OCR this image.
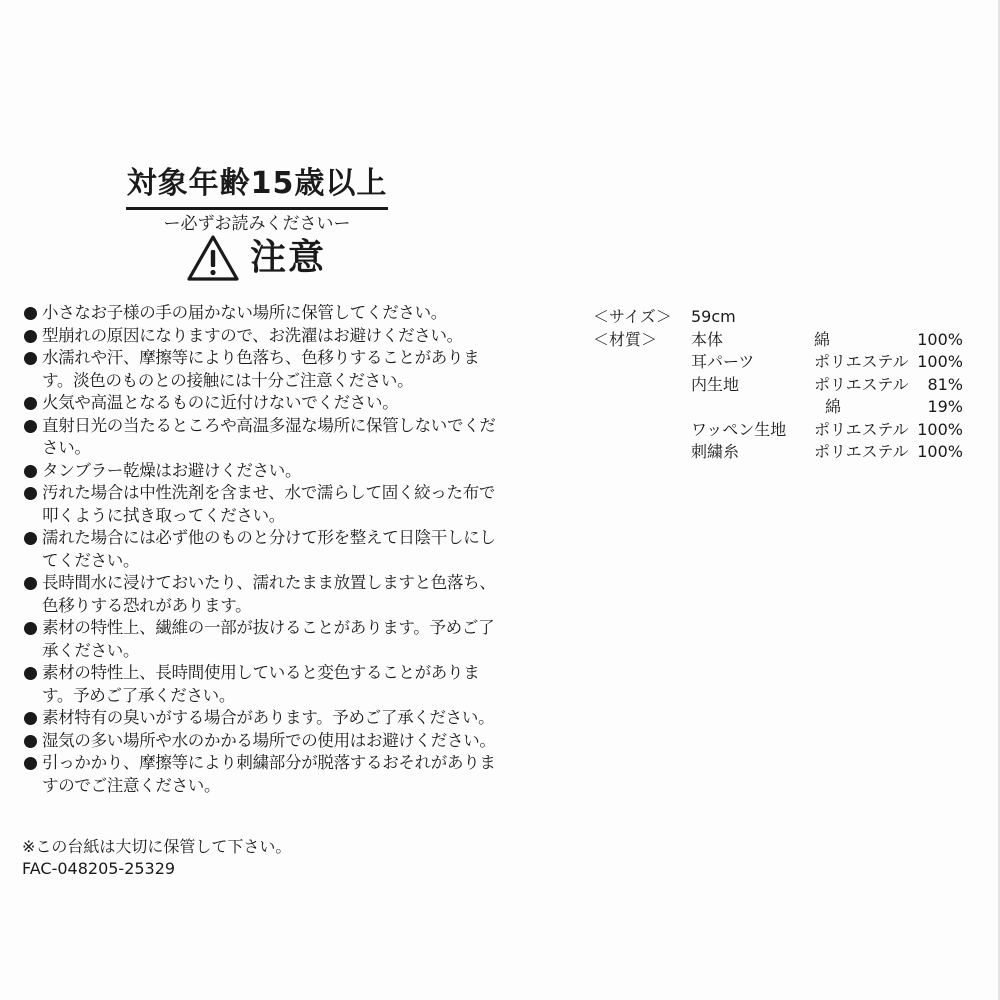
対象年齢15歳以上
ー必ずお読みくださいー
注意
小さなお子様の手の届かない場所に保管してください。
型崩れの原因になりますので、お洗濯はお避けください。
水濡れや汗、摩擦等により色落ち、色移りすることがあります。淡色のものとの接触には十分ご注意ください。
火気や高温となるものに近付けないでください。
直射日光の当たるところや高温多湿な場所に保管しないでください。
タンブラー乾燥はお避けください。
汚れた場合は中性洗剤を含ませ、水で濡らして固く絞った布で叩くように拭き取ってください。
濡れた場合には必ず他のものと分けて形を整えて日陰干しにしてください。
長時間水に浸けておいたり、濡れたまま放置しますと色落ち、色移りする恐れがあります。
素材の特性上、繊維の一部が抜けることがあります。予めご了承ください。
素材の特性上、長時間使用していると変色することがあります。予めご了承ください。
素材特有の臭いがする場合があります。予めご了承ください。
湿気の多い場所や水のかかる場所での使用はお避けください。
引っかかり、摩擦等により刺繍部分が脱落するおそれがありますのでご注意ください。
※この台紙は大切に保管して下さい。
FAC-048205-25329
＜サイズ＞ 59cm
＜材質＞ 本体	綿	100%
耳パーツ	ポリエステル 100%
内生地	ポリエステル 81%
綿	19%
ワッペン生地 ポリエステル 100%
刺繍糸	ポリエステル 100%
